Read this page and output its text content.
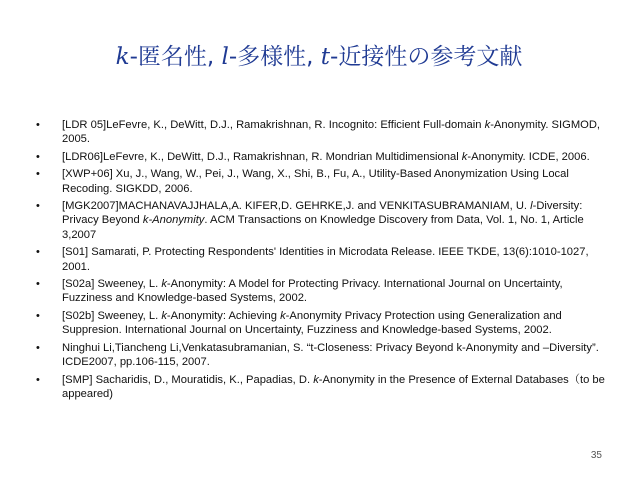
k-匿名性, l-多様性, t-近接性の参考文献
• [LDR 05]LeFevre, K., DeWitt, D.J., Ramakrishnan, R. Incognito: Efficient Full-domain k-Anonymity. SIGMOD, 2005.
• [LDR06]LeFevre, K., DeWitt, D.J., Ramakrishnan, R. Mondrian Multidimensional k-Anonymity. ICDE, 2006.
• [XWP+06] Xu, J., Wang, W., Pei, J., Wang, X., Shi, B., Fu, A., Utility-Based Anonymization Using Local Recoding. SIGKDD, 2006.
• [MGK2007]MACHANAVAJJHALA,A. KIFER,D. GEHRKE,J. and VENKITASUBRAMANIAM, U. l-Diversity: Privacy Beyond k-Anonymity. ACM Transactions on Knowledge Discovery from Data, Vol. 1, No. 1, Article 3,2007
• [S01] Samarati, P. Protecting Respondents' Identities in Microdata Release. IEEE TKDE, 13(6):1010-1027, 2001.
• [S02a] Sweeney, L. k-Anonymity: A Model for Protecting Privacy. International Journal on Uncertainty, Fuzziness and Knowledge-based Systems, 2002.
• [S02b] Sweeney, L. k-Anonymity: Achieving k-Anonymity Privacy Protection using Generalization and Suppresion. International Journal on Uncertainty, Fuzziness and Knowledge-based Systems, 2002.
• Ninghui Li,Tiancheng Li,Venkatasubramanian, S. “t-Closeness: Privacy Beyond k-Anonymity and –Diversity”. ICDE2007, pp.106-115, 2007.
• [SMP] Sacharidis, D., Mouratidis, K., Papadias, D. k-Anonymity in the Presence of External Databases（to be appeared)
35
